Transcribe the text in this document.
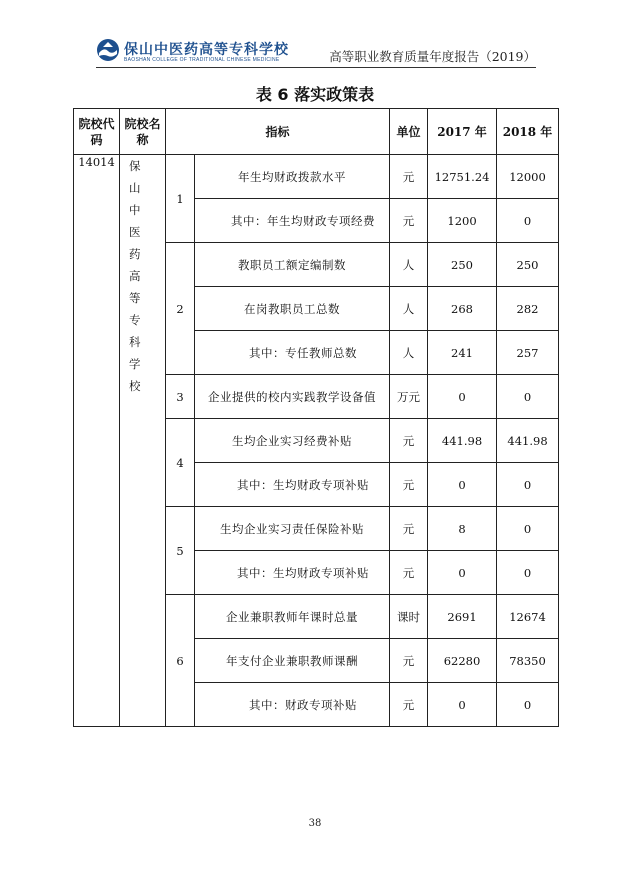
保山中医药高等专科学校
BAOSHAN COLLEGE OF TRADITIONAL CHINESE MEDICINE	高等职业教育质量年度报告（2019）
表 6 落实政策表
院校代码	院校名称	指标		单位	2017 年	2018 年
14014	保山中医药高等专科学校	1	年生均财政拨款水平	元	12751.24	12000
			其中：年生均财政专项经费	元	1200	0
		2	教职员工额定编制数	人	250	250
			在岗教职员工总数	人	268	282
			其中：专任教师总数	人	241	257
		3	企业提供的校内实践教学设备值	万元	0	0
		4	生均企业实习经费补贴	元	441.98	441.98
			其中：生均财政专项补贴	元	0	0
		5	生均企业实习责任保险补贴	元	8	0
			其中：生均财政专项补贴	元	0	0
		6	企业兼职教师年课时总量	课时	2691	12674
			年支付企业兼职教师课酬	元	62280	78350
			其中：财政专项补贴	元	0	0
38
